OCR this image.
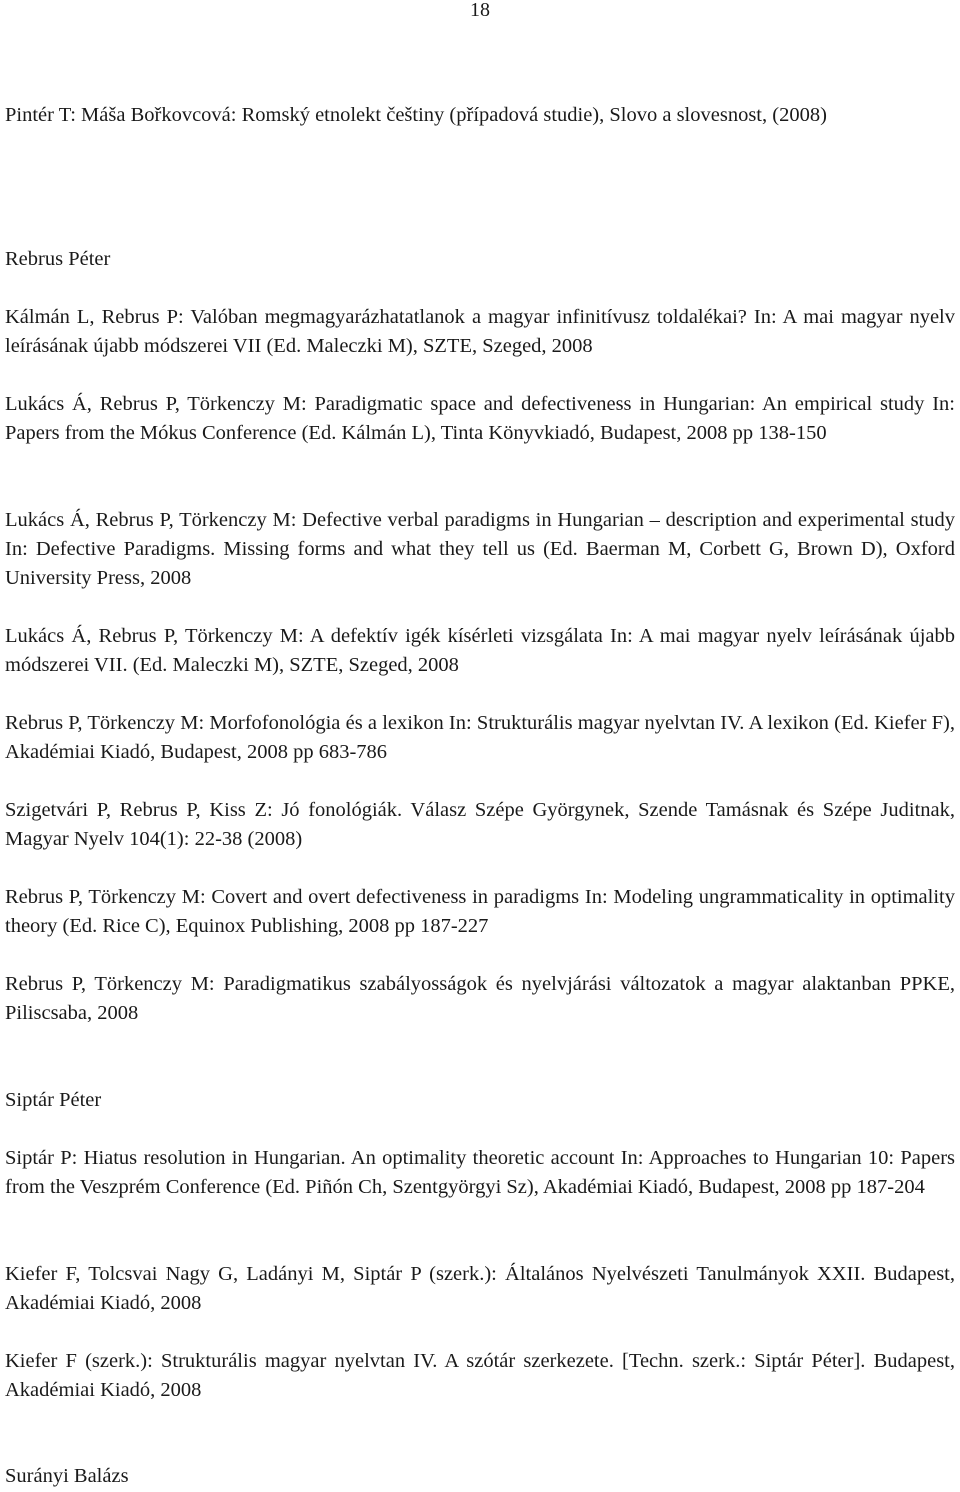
18

Pintér T: Máša Bořkovcová: Romský etnolekt češtiny (případová studie), Slovo a slovesnost, (2008)

Rebrus Péter

Kálmán L, Rebrus P: Valóban megmagyarázhatatlanok a magyar infinitívusz toldalékai? In: A mai magyar nyelv leírásának újabb módszerei VII (Ed. Maleczki M), SZTE, Szeged, 2008

Lukács Á, Rebrus P, Törkenczy M: Paradigmatic space and defectiveness in Hungarian: An empirical study In: Papers from the Mókus Conference (Ed. Kálmán L), Tinta Könyvkiadó, Budapest, 2008 pp 138-150

Lukács Á, Rebrus P, Törkenczy M: Defective verbal paradigms in Hungarian – description and experimental study In: Defective Paradigms. Missing forms and what they tell us (Ed. Baerman M, Corbett G, Brown D), Oxford University Press, 2008

Lukács Á, Rebrus P, Törkenczy M: A defektív igék kísérleti vizsgálata In: A mai magyar nyelv leírásának újabb módszerei VII. (Ed. Maleczki M), SZTE, Szeged, 2008

Rebrus P, Törkenczy M: Morfofonológia és a lexikon In: Strukturális magyar nyelvtan IV. A lexikon (Ed. Kiefer F), Akadémiai Kiadó, Budapest, 2008 pp 683-786

Szigetvári P, Rebrus P, Kiss Z: Jó fonológiák. Válasz Szépe Györgynek, Szende Tamásnak és Szépe Juditnak, Magyar Nyelv 104(1): 22-38 (2008)

Rebrus P, Törkenczy M: Covert and overt defectiveness in paradigms In: Modeling ungrammaticality in optimality theory (Ed. Rice C), Equinox Publishing, 2008 pp 187-227

Rebrus P, Törkenczy M: Paradigmatikus szabályosságok és nyelvjárási változatok a magyar alaktanban PPKE, Piliscsaba, 2008

Siptár Péter

Siptár P: Hiatus resolution in Hungarian. An optimality theoretic account In: Approaches to Hungarian 10: Papers from the Veszprém Conference (Ed. Piñón Ch, Szentgyörgyi Sz), Akadémiai Kiadó, Budapest, 2008 pp 187-204

Kiefer F, Tolcsvai Nagy G, Ladányi M, Siptár P (szerk.): Általános Nyelvészeti Tanulmányok XXII. Budapest, Akadémiai Kiadó, 2008

Kiefer F (szerk.): Strukturális magyar nyelvtan IV. A szótár szerkezete. [Techn. szerk.: Siptár Péter]. Budapest, Akadémiai Kiadó, 2008

Surányi Balázs
